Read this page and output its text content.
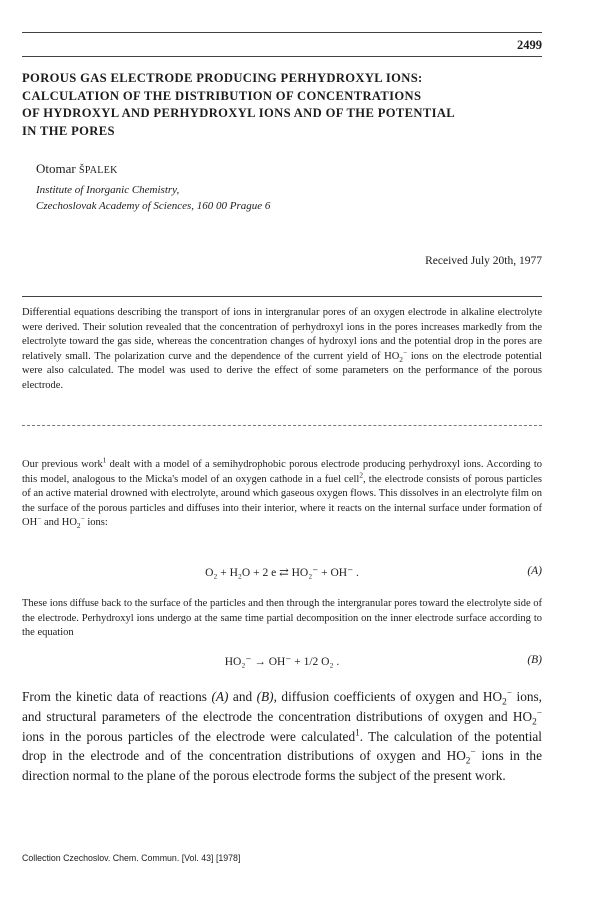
2499
POROUS GAS ELECTRODE PRODUCING PERHYDROXYL IONS:
CALCULATION OF THE DISTRIBUTION OF CONCENTRATIONS
OF HYDROXYL AND PERHYDROXYL IONS AND OF THE POTENTIAL
IN THE PORES
Otomar ŠPALEK
Institute of Inorganic Chemistry,
Czechoslovak Academy of Sciences, 160 00 Prague 6
Received July 20th, 1977
Differential equations describing the transport of ions in intergranular pores of an oxygen electrode in alkaline electrolyte were derived. Their solution revealed that the concentration of perhydroxyl ions in the pores increases markedly from the electrolyte toward the gas side, whereas the concentration changes of hydroxyl ions and the potential drop in the pores are relatively small. The polarization curve and the dependence of the current yield of $HO_2^-$ ions on the electrode potential were also calculated. The model was used to derive the effect of some parameters on the performance of the porous electrode.
Our previous work$^1$ dealt with a model of a semihydrophobic porous electrode producing perhydroxyl ions. According to this model, analogous to the Micka's model of an oxygen cathode in a fuel cell$^2$, the electrode consists of porous particles of an active material drowned with electrolyte, around which gaseous oxygen flows. This dissolves in an electrolyte film on the surface of the porous particles and diffuses into their interior, where it reacts on the internal surface under formation of OH− and $HO_2^-$ ions:
O₂ + H₂O + 2 e ⇄ HO₂⁻ + OH⁻ .	(A)
These ions diffuse back to the surface of the particles and then through the intergranular pores toward the electrolyte side of the electrode. Perhydroxyl ions undergo at the same time partial decomposition on the inner electrode surface according to the equation
HO₂⁻ → OH⁻ + 1/2 O₂ .	(B)
From the kinetic data of reactions (A) and (B), diffusion coefficients of oxygen and $HO_2^-$ ions, and structural parameters of the electrode the concentration distributions of oxygen and $HO_2^-$ ions in the porous particles of the electrode were calculated$^1$. The calculation of the potential drop in the electrode and of the concentration distributions of oxygen and $HO_2^-$ ions in the direction normal to the plane of the porous electrode forms the subject of the present work.
Collection Czechoslov. Chem. Commun. [Vol. 43] [1978]
